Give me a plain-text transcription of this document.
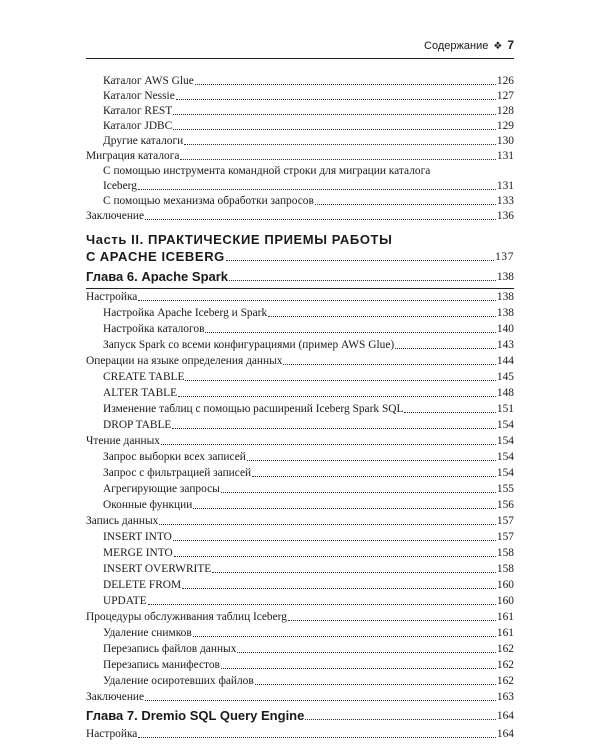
Содержание ❖ 7
Каталог AWS Glue	126
Каталог Nessie	127
Каталог REST	128
Каталог JDBC	129
Другие каталоги	130
Миграция каталога	131
С помощью инструмента командной строки для миграции каталога
Iceberg	131
С помощью механизма обработки запросов	133
Заключение	136
Часть II. ПРАКТИЧЕСКИЕ ПРИЕМЫ РАБОТЫ
C APACHE ICEBERG	137
Глава 6. Apache Spark	138
Настройка	138
Настройка Apache Iceberg и Spark	138
Настройка каталогов	140
Запуск Spark со всеми конфигурациями (пример AWS Glue)	143
Операции на языке определения данных	144
CREATE TABLE	145
ALTER TABLE	148
Изменение таблиц с помощью расширений Iceberg Spark SQL	151
DROP TABLE	154
Чтение данных	154
Запрос выборки всех записей	154
Запрос с фильтрацией записей	154
Агрегирующие запросы	155
Оконные функции	156
Запись данных	157
INSERT INTO	157
MERGE INTO	158
INSERT OVERWRITE	158
DELETE FROM	160
UPDATE	160
Процедуры обслуживания таблиц Iceberg	161
Удаление снимков	161
Перезапись файлов данных	162
Перезапись манифестов	162
Удаление осиротевших файлов	162
Заключение	163
Глава 7. Dremio SQL Query Engine	164
Настройка	164
